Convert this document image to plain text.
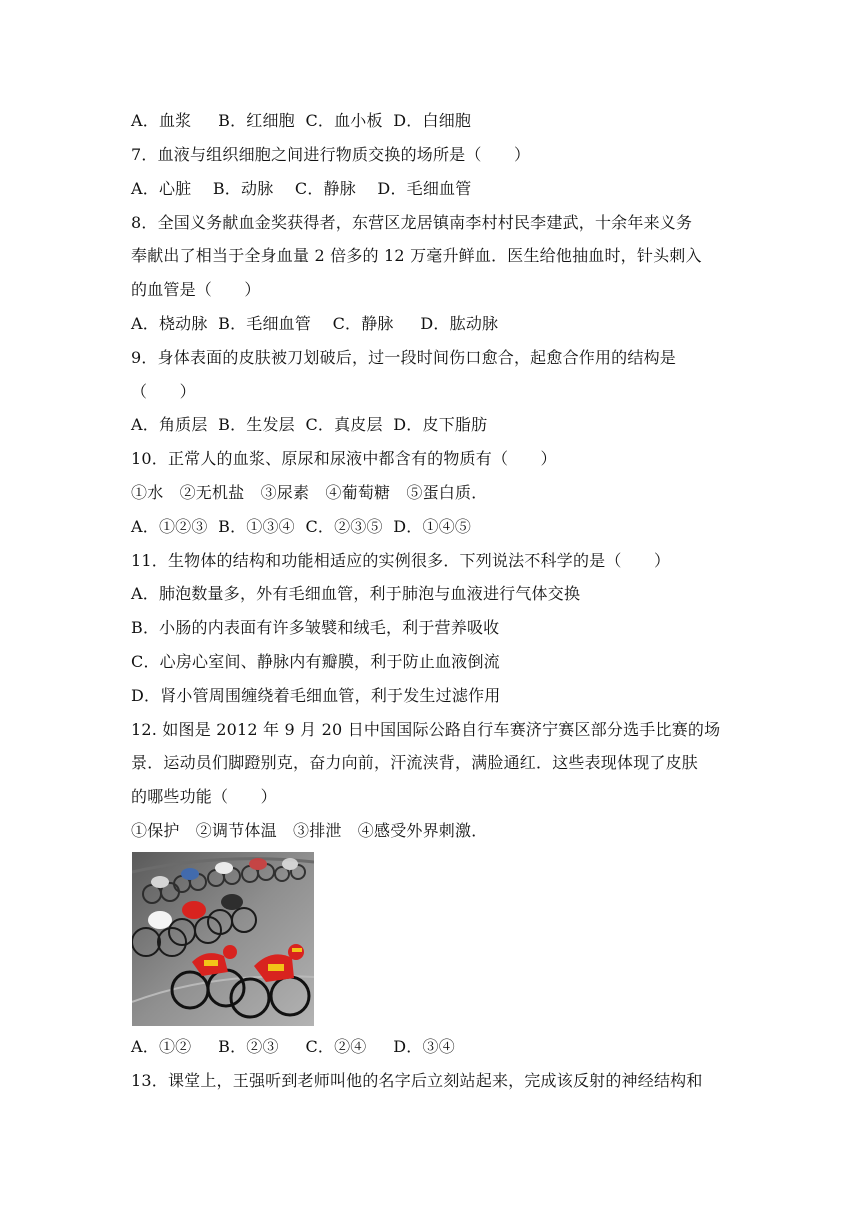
A．血浆　  B．红细胞  C．血小板  D．白细胞
7．血液与组织细胞之间进行物质交换的场所是（　　）
A．心脏　 B．动脉　 C．静脉　 D．毛细血管
8．全国义务献血金奖获得者，东营区龙居镇南李村村民李建武，十余年来义务
奉献出了相当于全身血量 2 倍多的 12 万毫升鲜血．医生给他抽血时，针头刺入
的血管是（　　）
A．桡动脉  B．毛细血管　 C．静脉　  D．肱动脉
9．身体表面的皮肤被刀划破后，过一段时间伤口愈合，起愈合作用的结构是
（　　）
A．角质层  B．生发层  C．真皮层  D．皮下脂肪
10．正常人的血浆、原尿和尿液中都含有的物质有（　　）
①水　②无机盐　③尿素　④葡萄糖　⑤蛋白质．
A．①②③  B．①③④  C．②③⑤  D．①④⑤
11．生物体的结构和功能相适应的实例很多．下列说法不科学的是（　　）
A．肺泡数量多，外有毛细血管，利于肺泡与血液进行气体交换
B．小肠的内表面有许多皱襞和绒毛，利于营养吸收
C．心房心室间、静脉内有瓣膜，利于防止血液倒流
D．肾小管周围缠绕着毛细血管，利于发生过滤作用
12. 如图是 2012 年 9 月 20 日中国国际公路自行车赛济宁赛区部分选手比赛的场
景．运动员们脚蹬别克，奋力向前，汗流浃背，满脸通红．这些表现体现了皮肤
的哪些功能（　　）
①保护　②调节体温　③排泄　④感受外界刺激．
A．①②　  B．②③　  C．②④　  D．③④
13．课堂上，王强听到老师叫他的名字后立刻站起来，完成该反射的神经结构和
